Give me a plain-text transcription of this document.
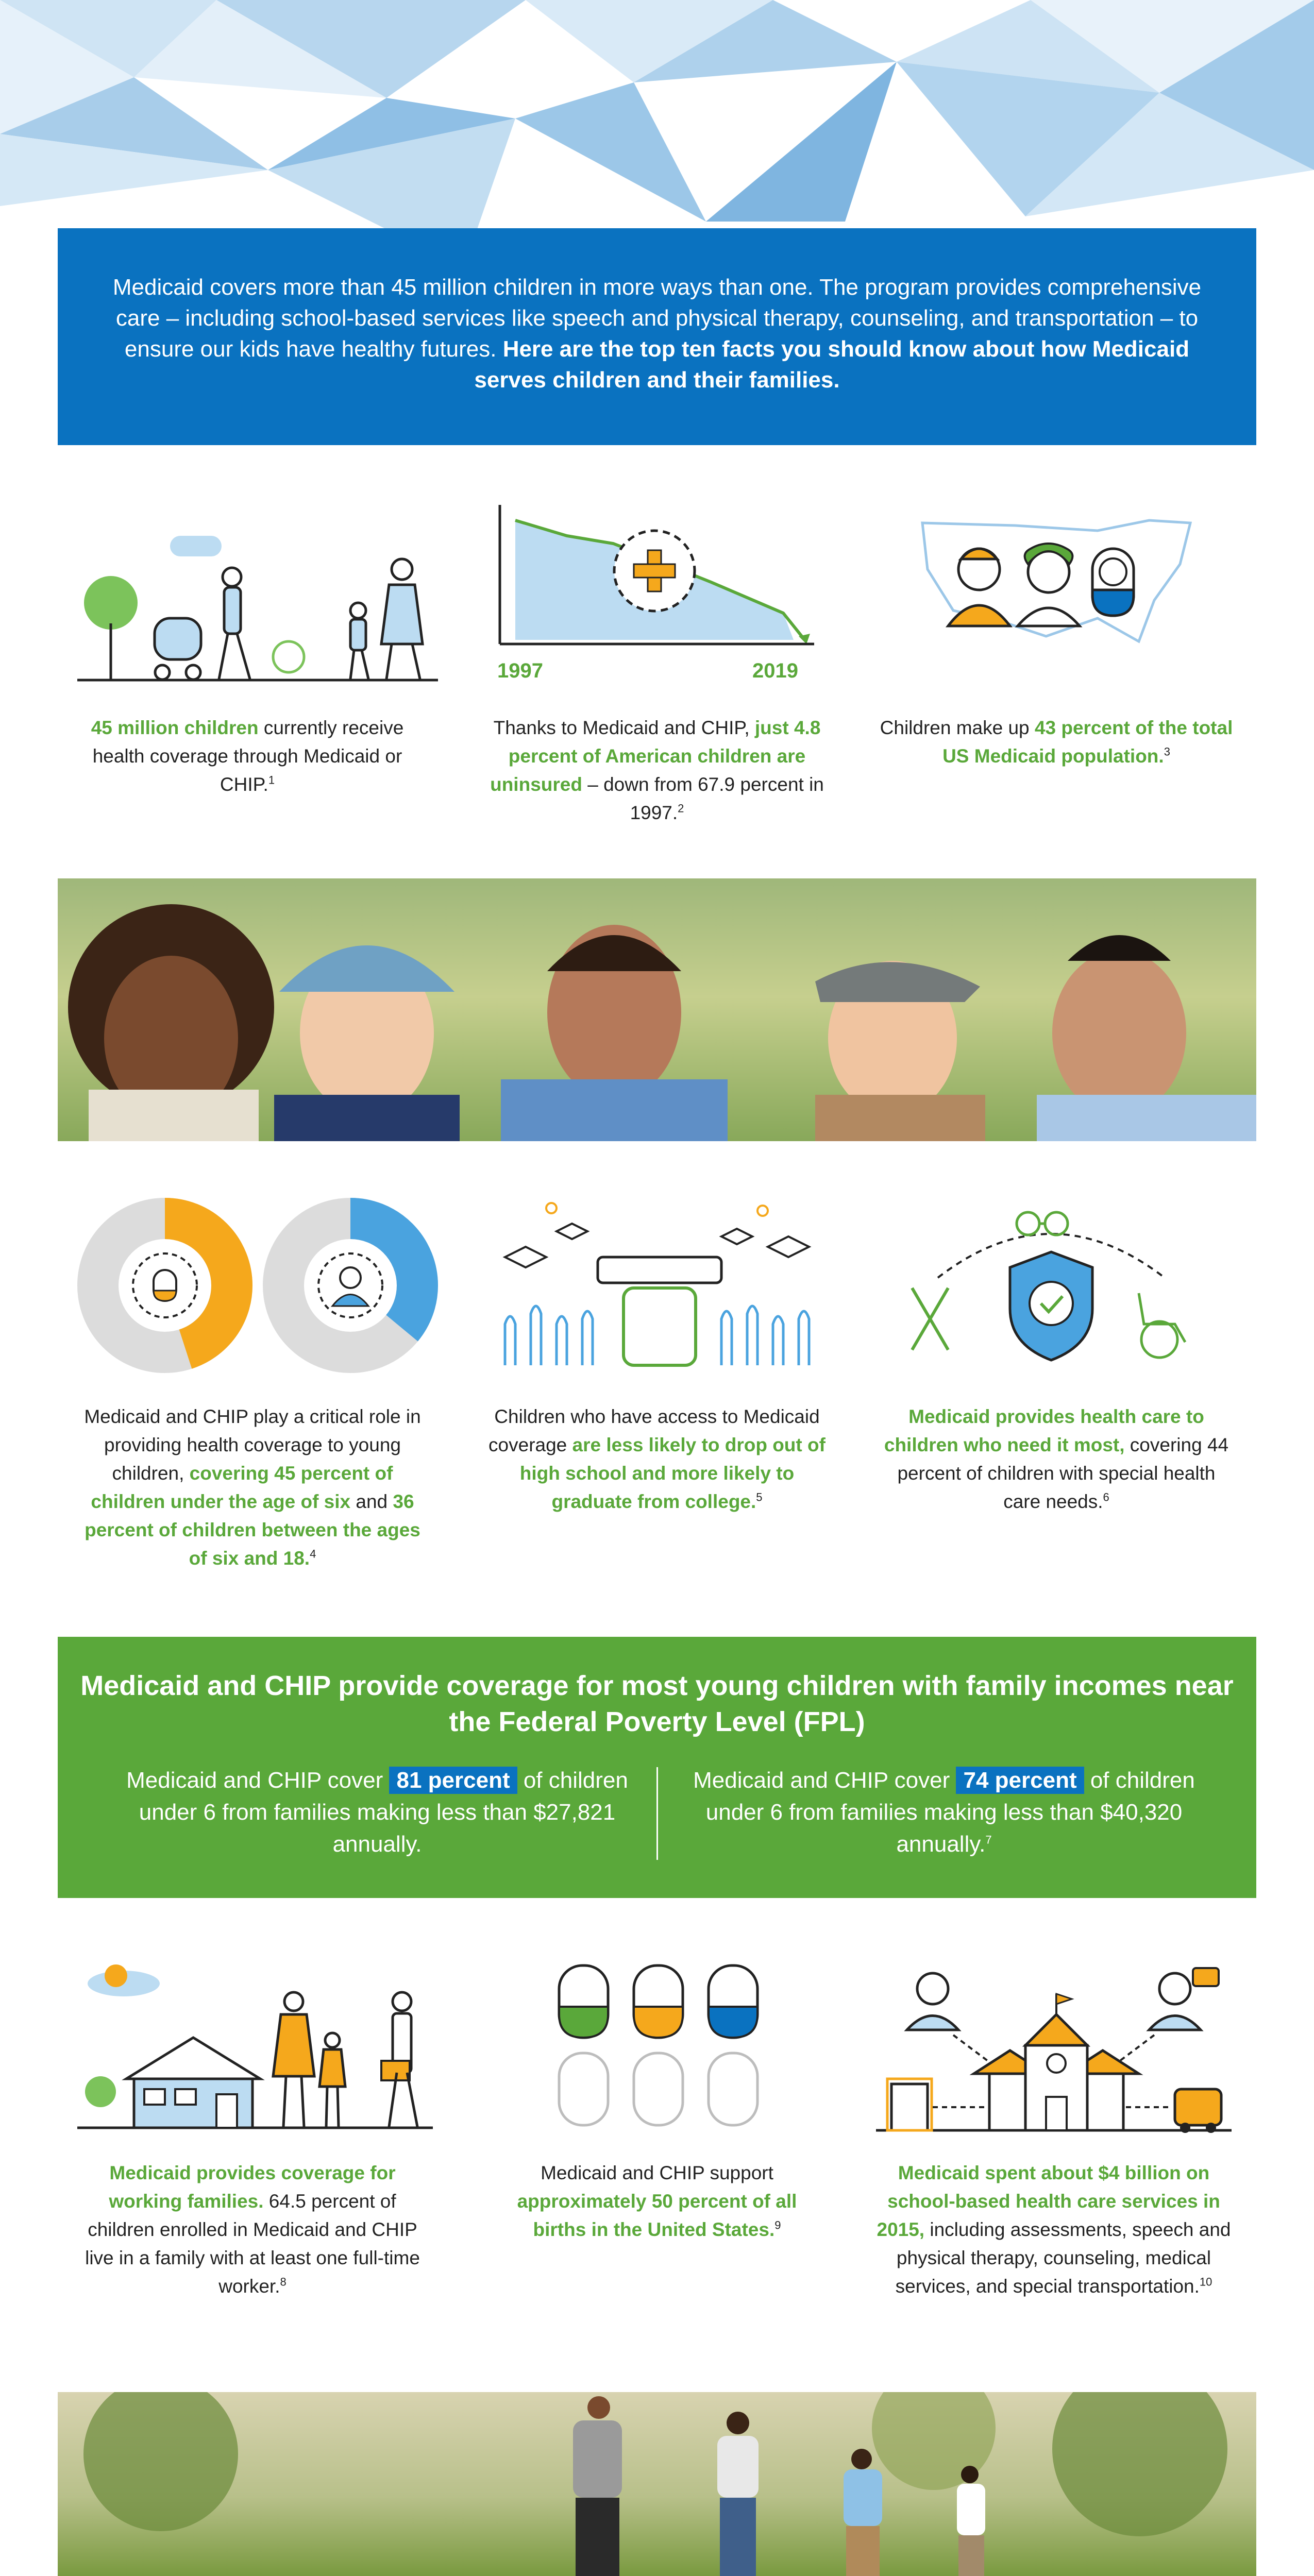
Medicaid covers more than 45 million children in more ways than one. The program provides comprehensive care – including school-based services like speech and physical therapy, counseling, and transportation – to ensure our kids have healthy futures. Here are the top ten facts you should know about how Medicaid serves children and their families.
1997	2019
45 million children currently receive health coverage through Medicaid or CHIP.$^1$
Thanks to Medicaid and CHIP, just 4.8 percent of American children are uninsured – down from 67.9 percent in 1997.$^2$
Children make up 43 percent of the total US Medicaid population.$^3$
Medicaid and CHIP play a critical role in providing health coverage to young children, covering 45 percent of children under the age of six and 36 percent of children between the ages of six and 18.$^4$
Children who have access to Medicaid coverage are less likely to drop out of high school and more likely to graduate from college.$^5$
Medicaid provides health care to children who need it most, covering 44 percent of children with special health care needs.$^6$
Medicaid and CHIP provide coverage for most young children with family incomes near the Federal Poverty Level (FPL)
Medicaid and CHIP cover 81 percent of children under 6 from families making less than $27,821 annually.
Medicaid and CHIP cover 74 percent of children under 6 from families making less than $40,320 annually.$^7$
Medicaid provides coverage for working families. 64.5 percent of children enrolled in Medicaid and CHIP live in a family with at least one full-time worker.$^8$
Medicaid and CHIP support approximately 50 percent of all births in the United States.$^9$
Medicaid spent about $4 billion on school-based health care services in 2015, including assessments, speech and physical therapy, counseling, medical services, and special transportation.$^{10}$
